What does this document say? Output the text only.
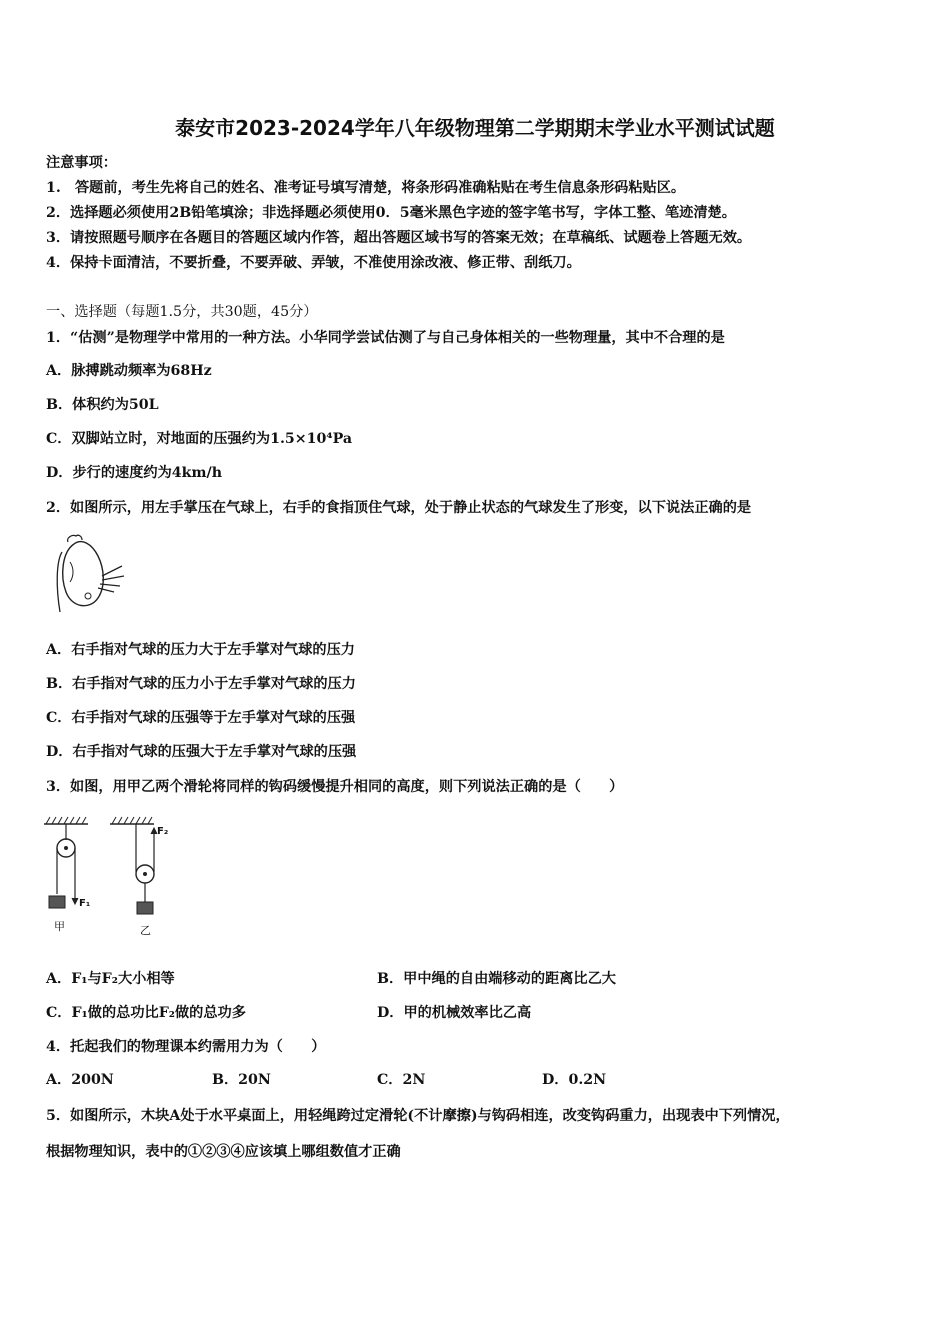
泰安市2023-2024学年八年级物理第二学期期末学业水平测试试题
注意事项：
1.　答题前，考生先将自己的姓名、准考证号填写清楚，将条形码准确粘贴在考生信息条形码粘贴区。
2．选择题必须使用2B铅笔填涂；非选择题必须使用0．5毫米黑色字迹的签字笔书写，字体工整、笔迹清楚。
3．请按照题号顺序在各题目的答题区域内作答，超出答题区域书写的答案无效；在草稿纸、试题卷上答题无效。
4．保持卡面清洁，不要折叠，不要弄破、弄皱，不准使用涂改液、修正带、刮纸刀。
一、选择题（每题1.5分，共30题，45分）
1．“估测”是物理学中常用的一种方法。小华同学尝试估测了与自己身体相关的一些物理量，其中不合理的是
A．脉搏跳动频率为68Hz
B．体积约为50L
C．双脚站立时，对地面的压强约为1.5×10⁴Pa
D．步行的速度约为4km/h
2．如图所示，用左手掌压在气球上，右手的食指顶住气球，处于静止状态的气球发生了形变，以下说法正确的是
A．右手指对气球的压力大于左手掌对气球的压力
B．右手指对气球的压力小于左手掌对气球的压力
C．右手指对气球的压强等于左手掌对气球的压强
D．右手指对气球的压强大于左手掌对气球的压强
3．如图，用甲乙两个滑轮将同样的钩码缓慢提升相同的高度，则下列说法正确的是（　　）
F₁
甲
F₂
乙
A．F₁与F₂大小相等	B．甲中绳的自由端移动的距离比乙大
C．F₁做的总功比F₂做的总功多	D．甲的机械效率比乙高
4．托起我们的物理课本约需用力为（　　）
A．200N	B．20N	C．2N	D．0.2N
5．如图所示，木块A处于水平桌面上，用轻绳跨过定滑轮(不计摩擦)与钩码相连，改变钩码重力，出现表中下列情况，
根据物理知识，表中的①②③④应该填上哪组数值才正确
